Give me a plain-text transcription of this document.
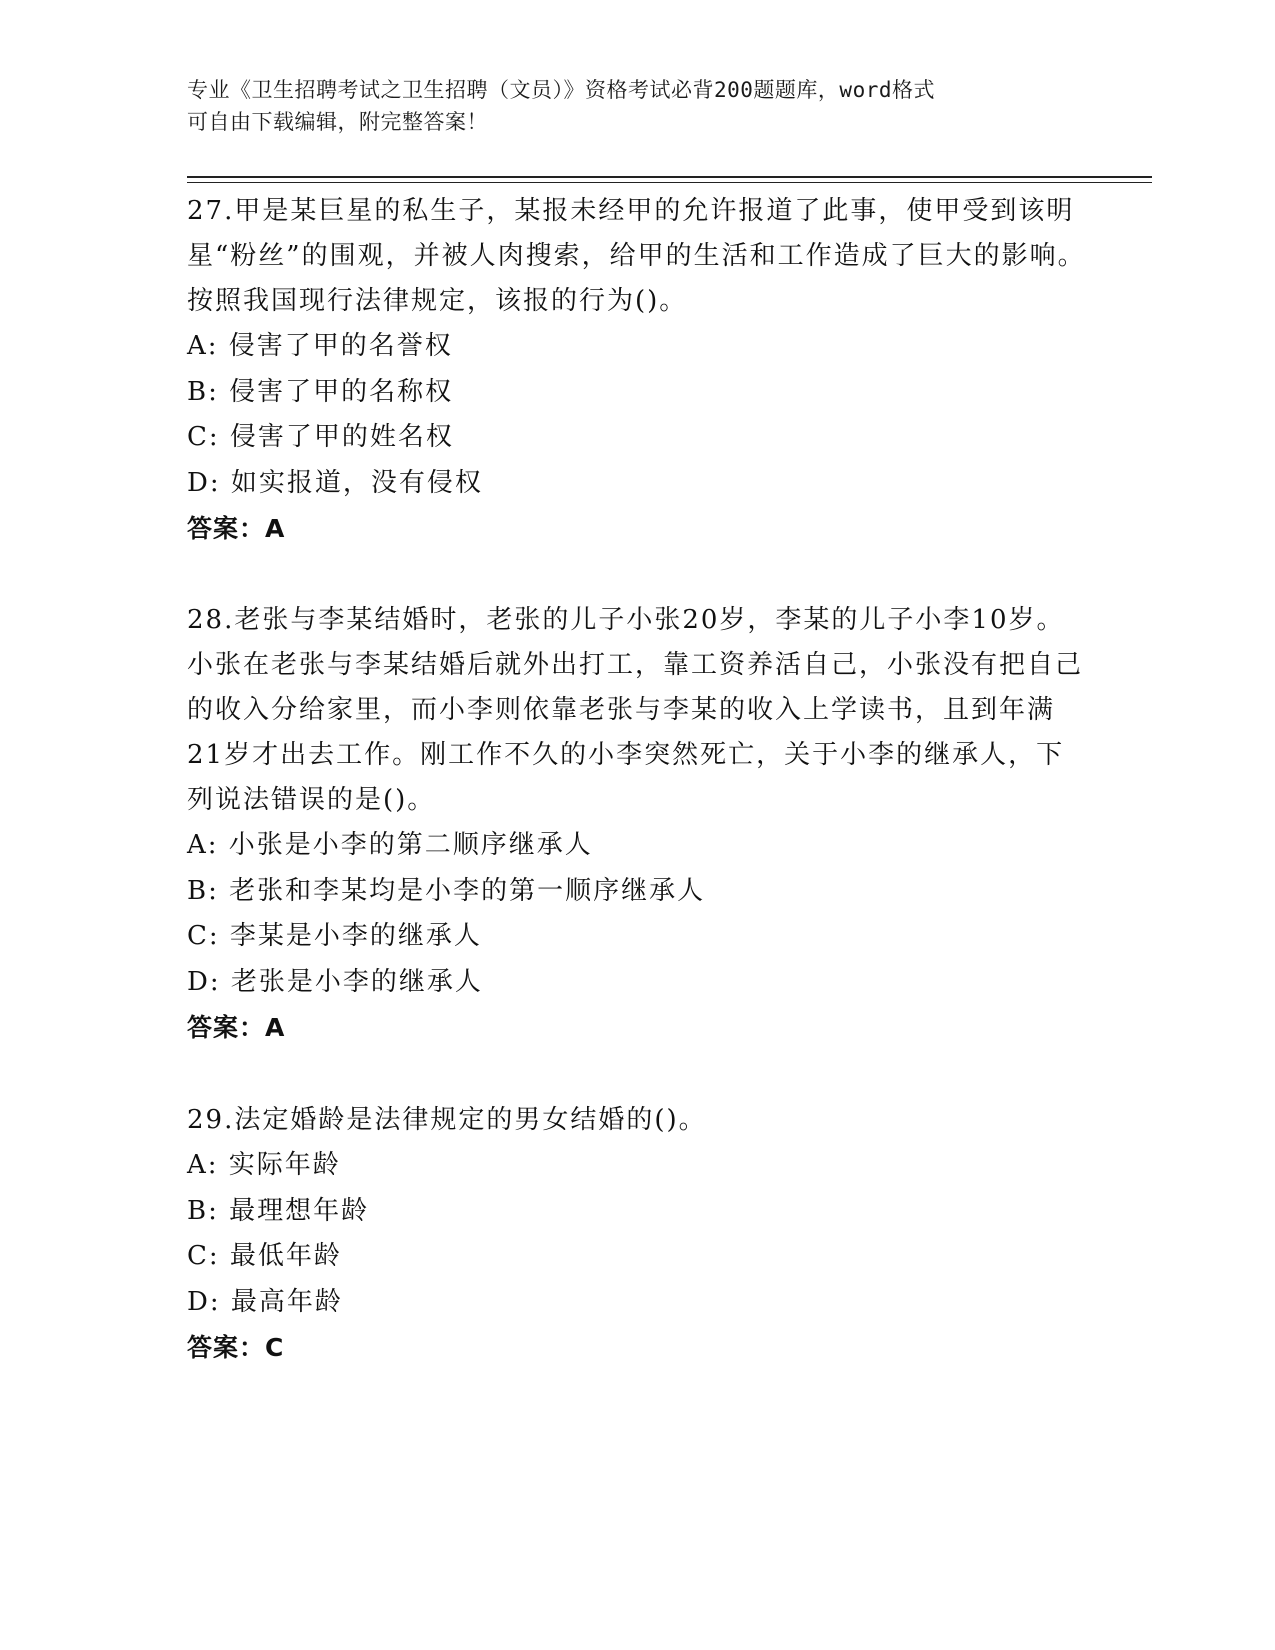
专业《卫生招聘考试之卫生招聘（文员）》资格考试必背200题题库，word格式
可自由下载编辑，附完整答案！

27.甲是某巨星的私生子，某报未经甲的允许报道了此事，使甲受到该明星“粉丝”的围观，并被人肉搜索，给甲的生活和工作造成了巨大的影响。按照我国现行法律规定，该报的行为()。

A: 侵害了甲的名誉权

B: 侵害了甲的名称权

C: 侵害了甲的姓名权

D: 如实报道，没有侵权

答案：A

28.老张与李某结婚时，老张的儿子小张20岁，李某的儿子小李10岁。小张在老张与李某结婚后就外出打工，靠工资养活自己，小张没有把自己的收入分给家里，而小李则依靠老张与李某的收入上学读书，且到年满21岁才出去工作。刚工作不久的小李突然死亡，关于小李的继承人，下列说法错误的是()。

A: 小张是小李的第二顺序继承人

B: 老张和李某均是小李的第一顺序继承人

C: 李某是小李的继承人

D: 老张是小李的继承人

答案：A

29.法定婚龄是法律规定的男女结婚的()。

A: 实际年龄

B: 最理想年龄

C: 最低年龄

D: 最高年龄

答案：C
